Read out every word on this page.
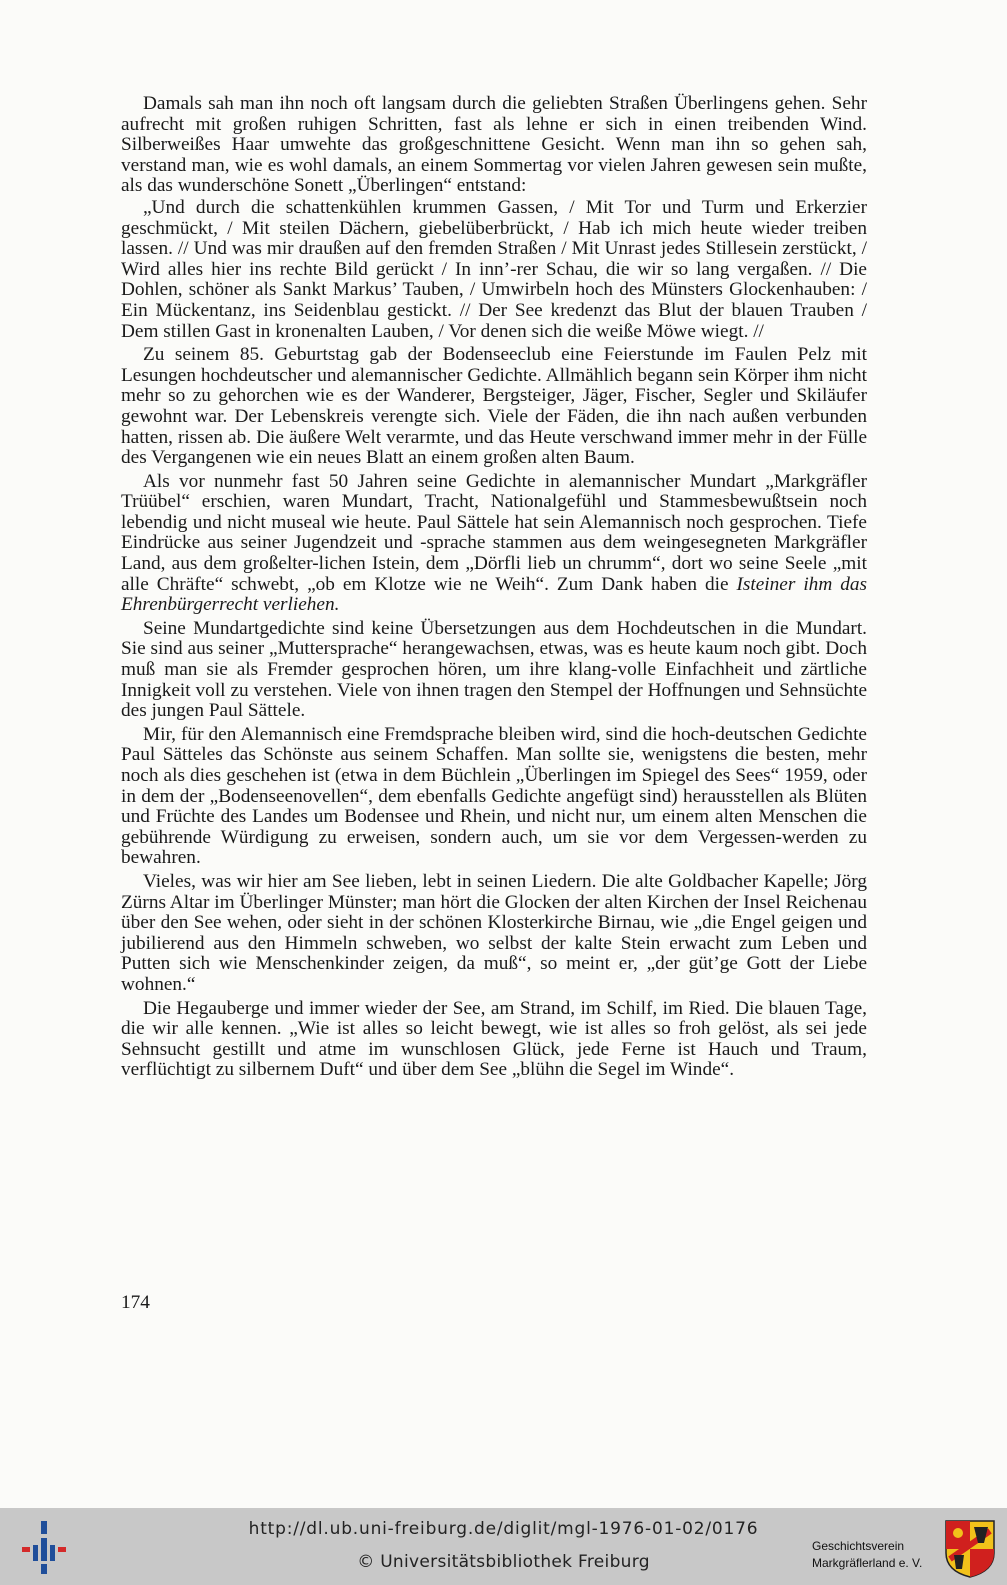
Damals sah man ihn noch oft langsam durch die geliebten Straßen Überlingens gehen. Sehr aufrecht mit großen ruhigen Schritten, fast als lehne er sich in einen treibenden Wind. Silberweißes Haar umwehte das großgeschnittene Gesicht. Wenn man ihn so gehen sah, verstand man, wie es wohl damals, an einem Sommertag vor vielen Jahren gewesen sein mußte, als das wunderschöne Sonett „Überlingen“ entstand:

„Und durch die schattenkühlen krummen Gassen, / Mit Tor und Turm und Erkerzier geschmückt, / Mit steilen Dächern, giebelüberbrückt, / Hab ich mich heute wieder treiben lassen. // Und was mir draußen auf den fremden Straßen / Mit Unrast jedes Stillesein zerstückt, / Wird alles hier ins rechte Bild gerückt / In inn’-rer Schau, die wir so lang vergaßen. // Die Dohlen, schöner als Sankt Markus’ Tauben, / Umwirbeln hoch des Münsters Glockenhauben: / Ein Mückentanz, ins Seidenblau gestickt. // Der See kredenzt das Blut der blauen Trauben / Dem stillen Gast in kronenalten Lauben, / Vor denen sich die weiße Möwe wiegt. //

Zu seinem 85. Geburtstag gab der Bodenseeclub eine Feierstunde im Faulen Pelz mit Lesungen hochdeutscher und alemannischer Gedichte. Allmählich begann sein Körper ihm nicht mehr so zu gehorchen wie es der Wanderer, Bergsteiger, Jäger, Fischer, Segler und Skiläufer gewohnt war. Der Lebenskreis verengte sich. Viele der Fäden, die ihn nach außen verbunden hatten, rissen ab. Die äußere Welt verarmte, und das Heute verschwand immer mehr in der Fülle des Vergangenen wie ein neues Blatt an einem großen alten Baum.

Als vor nunmehr fast 50 Jahren seine Gedichte in alemannischer Mundart „Markgräfler Trüübel“ erschien, waren Mundart, Tracht, Nationalgefühl und Stammesbewußtsein noch lebendig und nicht museal wie heute. Paul Sättele hat sein Alemannisch noch gesprochen. Tiefe Eindrücke aus seiner Jugendzeit und -sprache stammen aus dem weingesegneten Markgräfler Land, aus dem großelter-lichen Istein, dem „Dörfli lieb un chrumm“, dort wo seine Seele „mit alle Chräfte“ schwebt, „ob em Klotze wie ne Weih“. Zum Dank haben die Isteiner ihm das Ehrenbürgerrecht verliehen.

Seine Mundartgedichte sind keine Übersetzungen aus dem Hochdeutschen in die Mundart. Sie sind aus seiner „Muttersprache“ herangewachsen, etwas, was es heute kaum noch gibt. Doch muß man sie als Fremder gesprochen hören, um ihre klang-volle Einfachheit und zärtliche Innigkeit voll zu verstehen. Viele von ihnen tragen den Stempel der Hoffnungen und Sehnsüchte des jungen Paul Sättele.

Mir, für den Alemannisch eine Fremdsprache bleiben wird, sind die hoch-deutschen Gedichte Paul Sätteles das Schönste aus seinem Schaffen. Man sollte sie, wenigstens die besten, mehr noch als dies geschehen ist (etwa in dem Büchlein „Überlingen im Spiegel des Sees“ 1959, oder in dem der „Bodenseenovellen“, dem ebenfalls Gedichte angefügt sind) herausstellen als Blüten und Früchte des Landes um Bodensee und Rhein, und nicht nur, um einem alten Menschen die gebührende Würdigung zu erweisen, sondern auch, um sie vor dem Vergessen-werden zu bewahren.

Vieles, was wir hier am See lieben, lebt in seinen Liedern. Die alte Goldbacher Kapelle; Jörg Zürns Altar im Überlinger Münster; man hört die Glocken der alten Kirchen der Insel Reichenau über den See wehen, oder sieht in der schönen Klosterkirche Birnau, wie „die Engel geigen und jubilierend aus den Himmeln schweben, wo selbst der kalte Stein erwacht zum Leben und Putten sich wie Menschenkinder zeigen, da muß“, so meint er, „der güt’ge Gott der Liebe wohnen.“

Die Hegauberge und immer wieder der See, am Strand, im Schilf, im Ried. Die blauen Tage, die wir alle kennen. „Wie ist alles so leicht bewegt, wie ist alles so froh gelöst, als sei jede Sehnsucht gestillt und atme im wunschlosen Glück, jede Ferne ist Hauch und Traum, verflüchtigt zu silbernem Duft“ und über dem See „blühn die Segel im Winde“.

174
http://dl.ub.uni-freiburg.de/diglit/mgl-1976-01-02/0176
© Universitätsbibliothek Freiburg
Geschichtsverein
Markgräflerland e. V.
